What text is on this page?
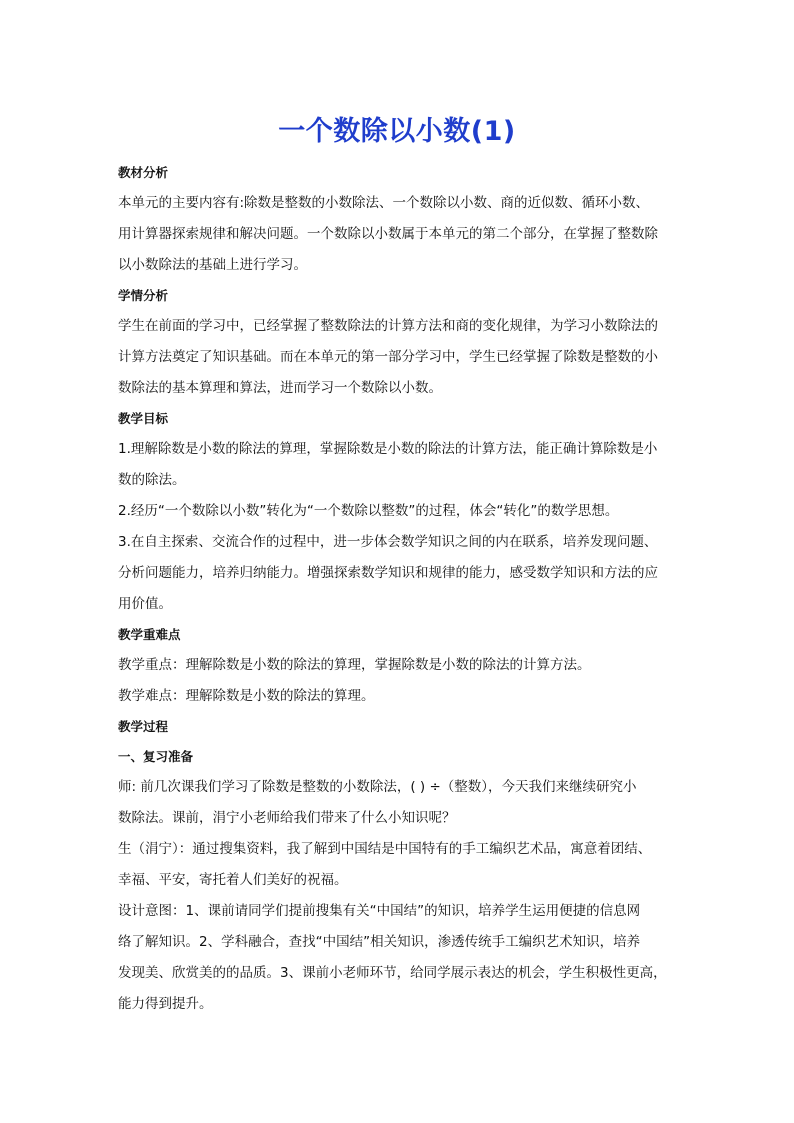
一个数除以小数(1)
教材分析
本单元的主要内容有:除数是整数的小数除法、一个数除以小数、商的近似数、循环小数、
用计算器探索规律和解决问题。一个数除以小数属于本单元的第二个部分，在掌握了整数除
以小数除法的基础上进行学习。
学情分析
学生在前面的学习中，已经掌握了整数除法的计算方法和商的变化规律，为学习小数除法的
计算方法奠定了知识基础。而在本单元的第一部分学习中，学生已经掌握了除数是整数的小
数除法的基本算理和算法，进而学习一个数除以小数。
教学目标
1.理解除数是小数的除法的算理，掌握除数是小数的除法的计算方法，能正确计算除数是小
数的除法。
2.经历“一个数除以小数”转化为“一个数除以整数”的过程，体会“转化”的数学思想。
3.在自主探索、交流合作的过程中，进一步体会数学知识之间的内在联系，培养发现问题、
分析问题能力，培养归纳能力。增强探索数学知识和规律的能力，感受数学知识和方法的应
用价值。
教学重难点
教学重点：理解除数是小数的除法的算理，掌握除数是小数的除法的计算方法。
教学难点：理解除数是小数的除法的算理。
教学过程
一、复习准备
师: 前几次课我们学习了除数是整数的小数除法，( ) ÷（整数），今天我们来继续研究小
数除法。课前，涓宁小老师给我们带来了什么小知识呢？
生（涓宁）：通过搜集资料，我了解到中国结是中国特有的手工编织艺术品，寓意着团结、
幸福、平安，寄托着人们美好的祝福。
设计意图：1、课前请同学们提前搜集有关“中国结”的知识，培养学生运用便捷的信息网
络了解知识。2、学科融合，查找“中国结”相关知识，渗透传统手工编织艺术知识，培养
发现美、欣赏美的的品质。3、课前小老师环节，给同学展示表达的机会，学生积极性更高，
能力得到提升。
